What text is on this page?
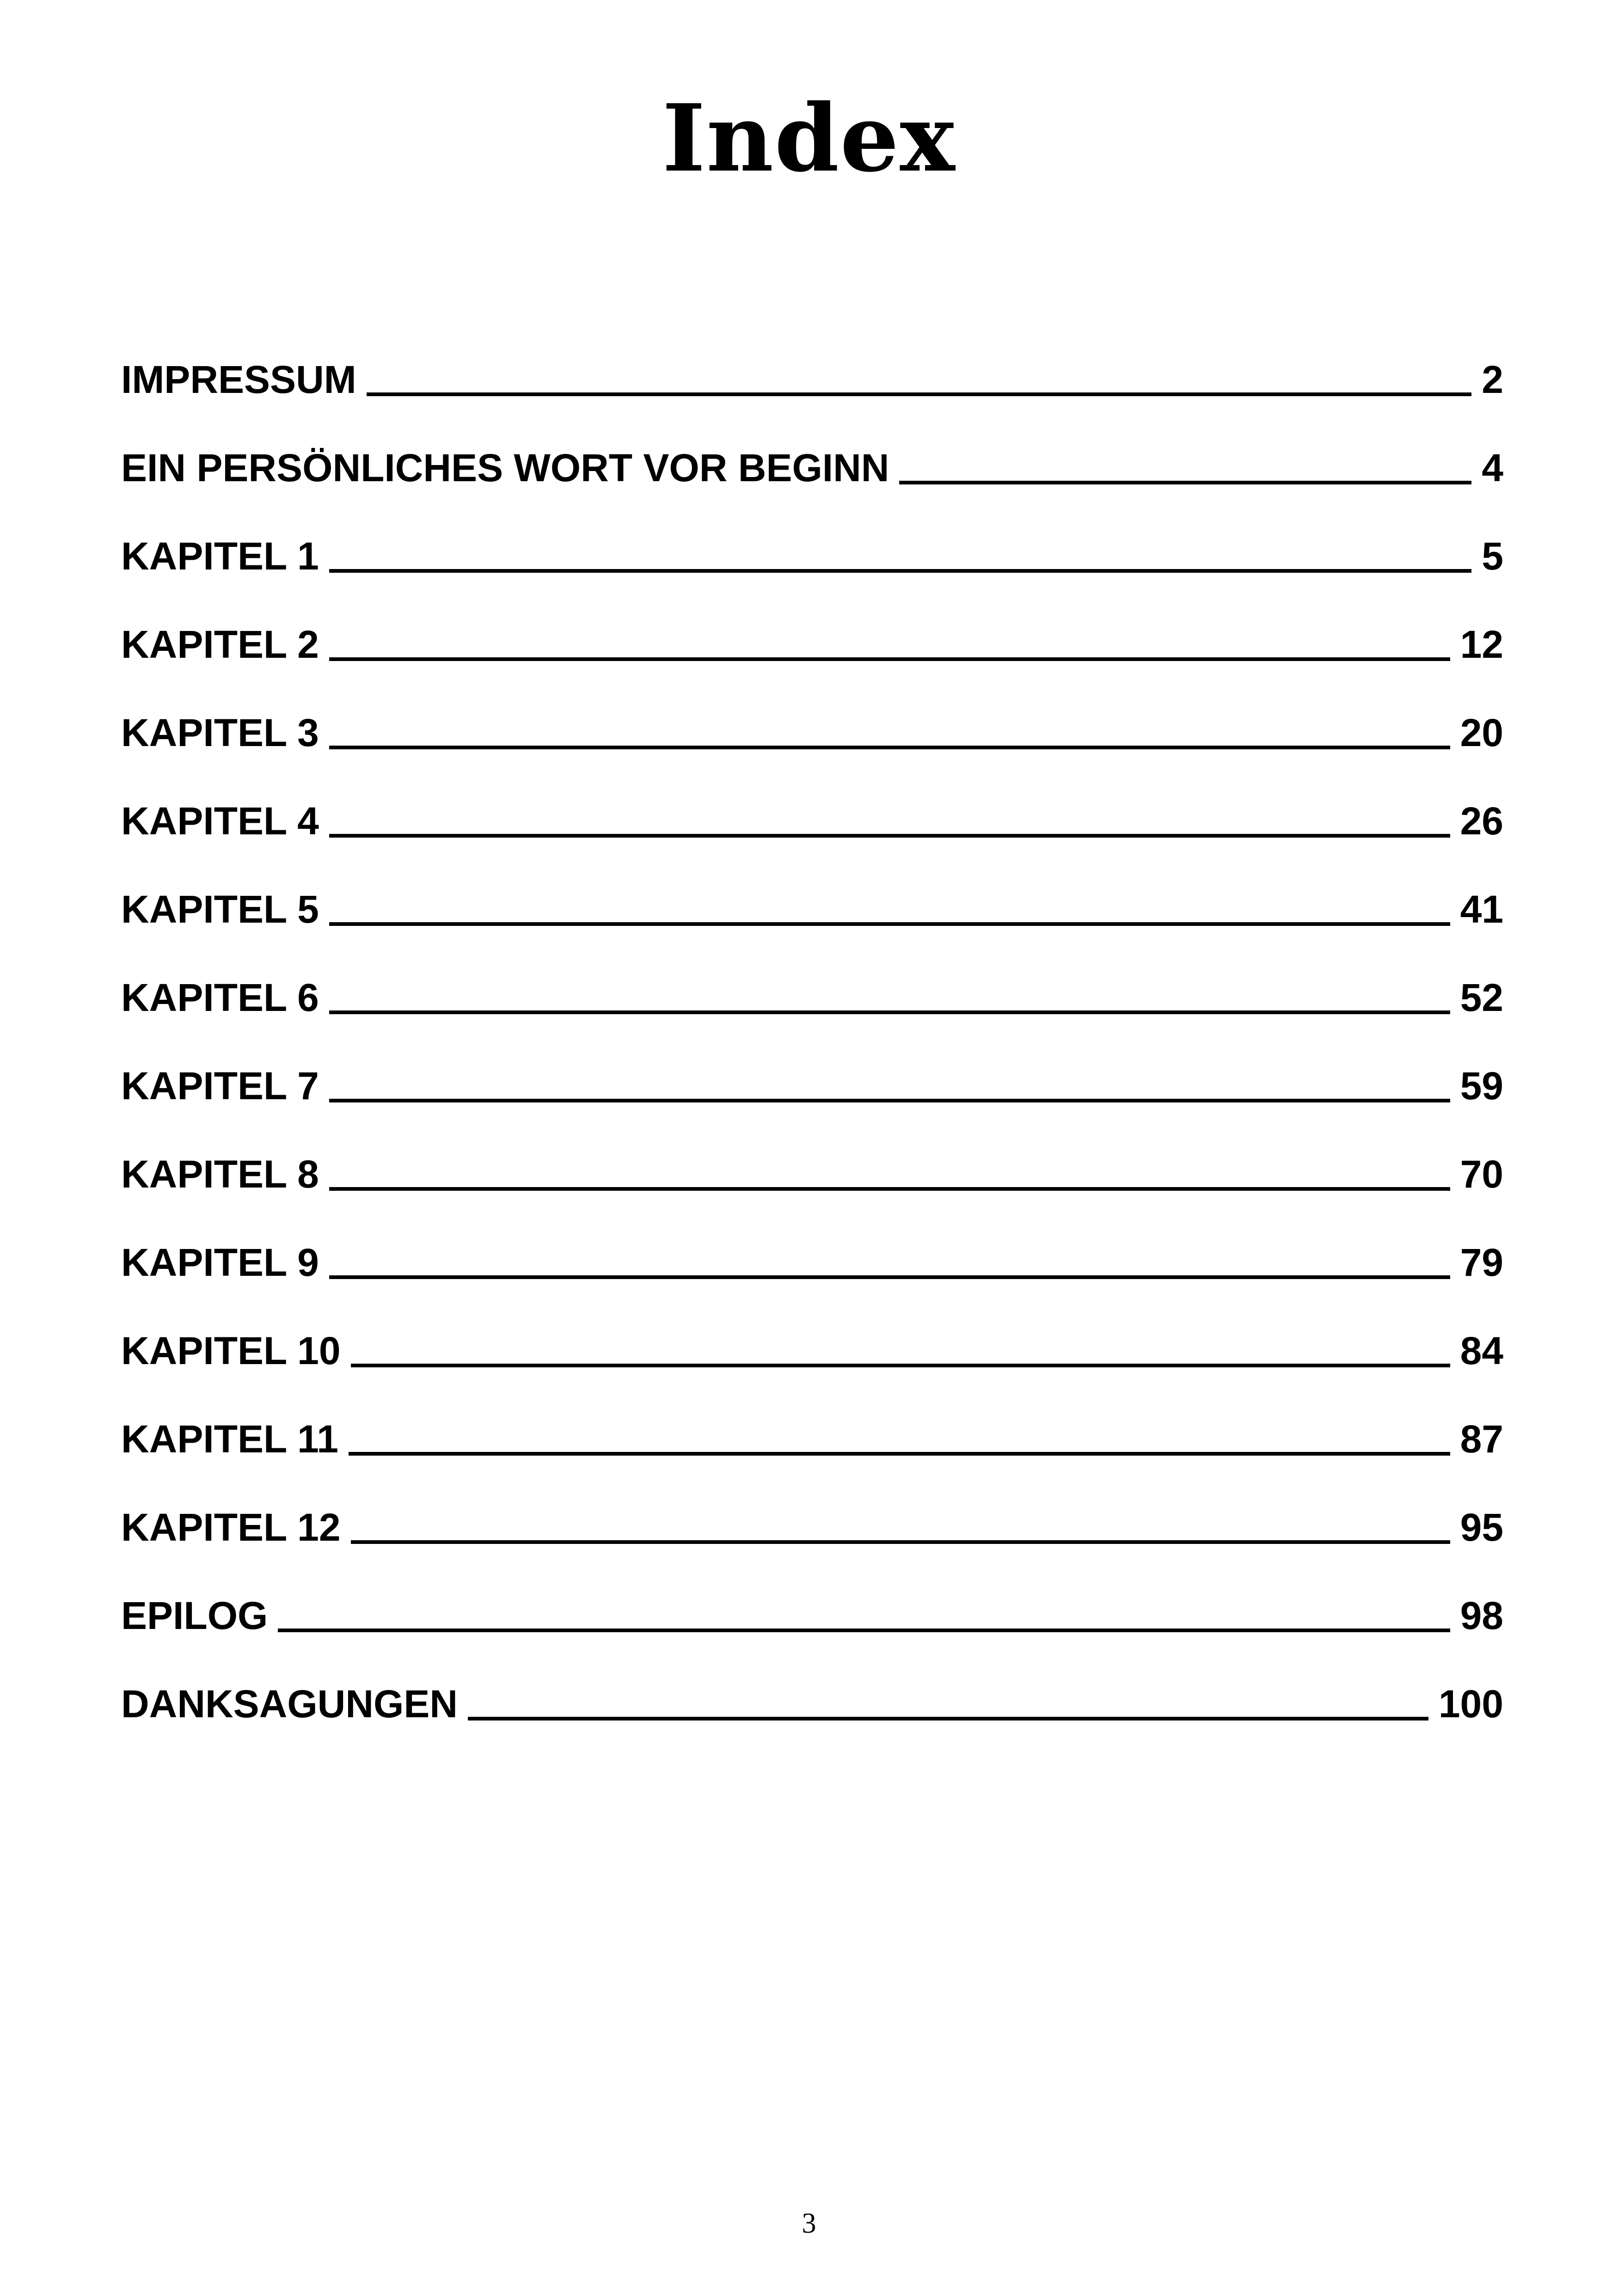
Index
IMPRESSUM	2
EIN PERSÖNLICHES WORT VOR BEGINN	4
KAPITEL 1	5
KAPITEL 2	12
KAPITEL 3	20
KAPITEL 4	26
KAPITEL 5	41
KAPITEL 6	52
KAPITEL 7	59
KAPITEL 8	70
KAPITEL 9	79
KAPITEL 10	84
KAPITEL 11	87
KAPITEL 12	95
EPILOG	98
DANKSAGUNGEN	100
3
